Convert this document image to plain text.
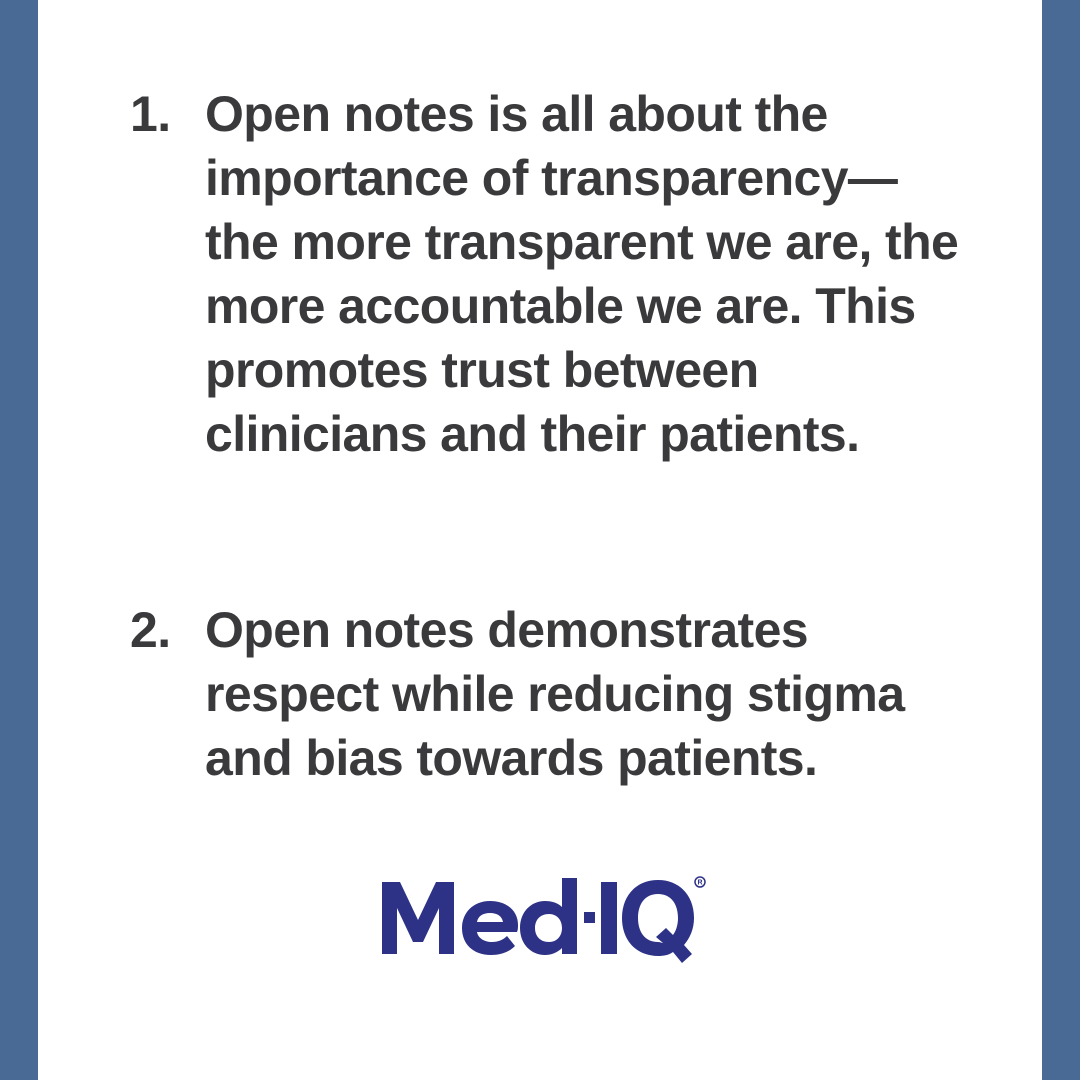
1. Open notes is all about the importance of transparency— the more transparent we are, the more accountable we are. This promotes trust between clinicians and their patients.
2. Open notes demonstrates respect while reducing stigma and bias towards patients.
R
